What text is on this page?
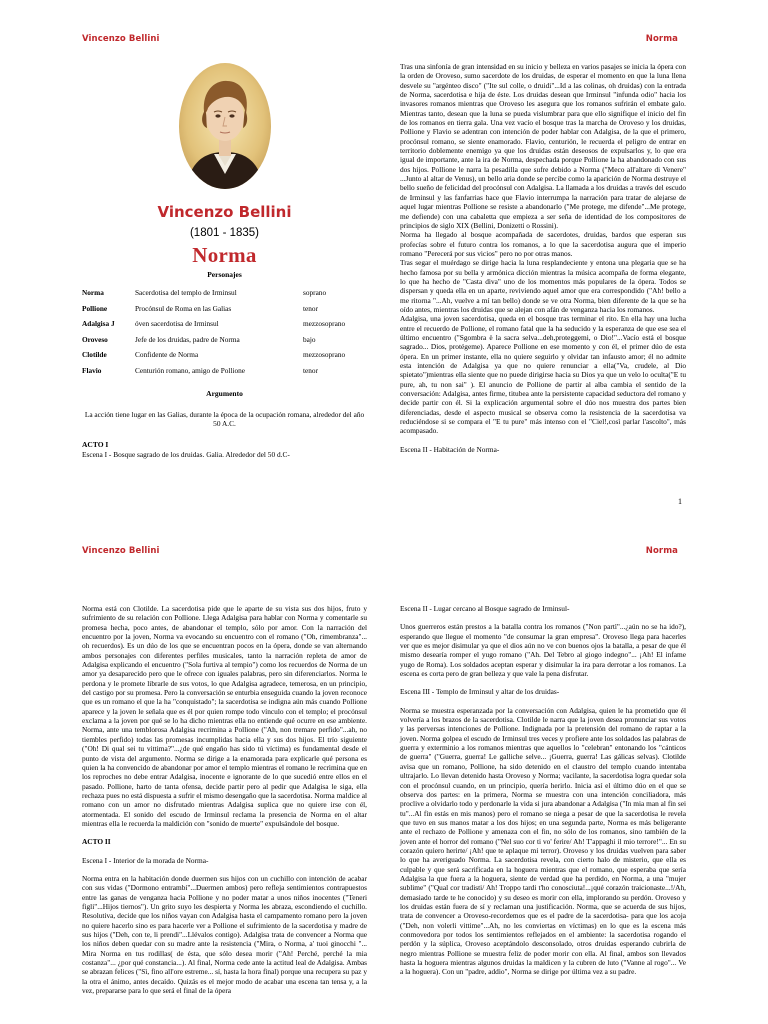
Vincenzo Bellini	Norma
Vincenzo Bellini
(1801 - 1835)
Norma
Personajes
Norma	Sacerdotisa del templo de Irminsul	soprano
Pollione	Procónsul de Roma en las Galias	tenor
Adalgisa J	óven sacerdotisa de Irminsul	mezzosoprano
Oroveso	Jefe de los druidas, padre de Norma	bajo
Clotilde	Confidente de Norma	mezzosoprano
Flavio	Centurión romano, amigo de Pollione	tenor
Argumento
La acción tiene lugar en las Galias, durante la época de la ocupación romana, alrededor del año 50 A.C.
ACTO I
Escena I - Bosque sagrado de los druidas. Galia. Alrededor del 50 d.C-

Tras una sinfonía de gran intensidad en su inicio y belleza en varios pasajes se inicia la ópera con la orden de Oroveso, sumo sacerdote de los druidas, de esperar el momento en que la luna llena desvele su "argénteo disco" ("Ite sul colle, o druidi"...Id a las colinas, oh druidas) con la entrada de Norma, sacerdotisa e hija de éste. Los druidas desean que Irminsul "infunda odio" hacia los invasores romanos mientras que Oroveso les asegura que los romanos sufrirán el embate galo. Mientras tanto, desean que la luna se pueda vislumbrar para que ello signifique el inicio del fin de los romanos en tierra gala. Una vez vacío el bosque tras la marcha de Oroveso y los druidas, Pollione y Flavio se adentran con intención de poder hablar con Adalgisa, de la que el primero, procónsul romano, se siente enamorado. Flavio, centurión, le recuerda el peligro de entrar en territorio doblemente enemigo ya que los druidas están deseosos de expulsarlos y, lo que era igual de importante, ante la ira de Norma, despechada porque Pollione la ha abandonado con sus dos hijos. Pollione le narra la pesadilla que sufre debido a Norma ("Meco all'altare di Venere" ...Junto al altar de Venus), un bello aria donde se percibe como la aparición de Norma destruye el bello sueño de felicidad del procónsul con Adalgisa. La llamada a los druidas a través del escudo de Irminsul y las fanfarrias hace que Flavio interrumpa la narración para tratar de alejarse de aquel lugar mientras Pollione se resiste a abandonarlo ("Me protege, me difende"...Me protege, me defiende) con una cabaletta que empieza a ser seña de identidad de los compositores de principios de siglo XIX (Bellini, Donizetti o Rossini).

Norma ha llegado al bosque acompañada de sacerdotes, druidas, bardos que esperan sus profecías sobre el futuro contra los romanos, a lo que la sacerdotisa augura que el imperio romano "Perecerá por sus vicios" pero no por otras manos.

Tras segar el muérdago se dirige hacia la luna resplandeciente y entona una plegaria que se ha hecho famosa por su bella y armónica dicción mientras la música acompaña de forma elegante, lo que ha hecho de "Casta diva" uno de los momentos más populares de la ópera. Todos se dispersan y queda ella en un aparte, reviviendo aquel amor que era correspondido ("Ah! bello a me ritorna "...Ah, vuelve a mí tan bello) donde se ve otra Norma, bien diferente de la que se ha oído antes, mientras los druidas que se alejan con afán de venganza hacia los romanos.

Adalgisa, una joven sacerdotisa, queda en el bosque tras terminar el rito. En ella hay una lucha entre el recuerdo de Pollione, el romano fatal que la ha seducido y la esperanza de que ese sea el último encuentro ("Sgombra è la sacra selva...deh,proteggemi, o Dio!"...Vacío está el bosque sagrado... Dios, protégeme). Aparece Pollione en ese momento y con él, el primer dúo de esta ópera. En un primer instante, ella no quiere seguirlo y olvidar tan infausto amor; él no admite esta intención de Adalgisa ya que no quiere renunciar a ella("Va, crudele, al Dio spietato")mientras ella siente que no puede dirigirse hacia su Dios ya que un velo lo oculta("E tu pure, ah, tu non sai" ). El anuncio de Pollione de partir al alba cambia el sentido de la conversación: Adalgisa, antes firme, titubea ante la persistente capacidad seductora del romano y decide partir con él. Si la explicación argumental sobre el dúo nos muestra dos partes bien diferenciadas, desde el aspecto musical se observa como la resistencia de la sacerdotisa va reduciéndose si se compara el "E tu pure" más intenso con el "Ciel!,così parlar l'ascolto", más acompasado.

Escena II - Habitación de Norma-
1
Vincenzo Bellini	Norma

Norma está con Clotilde. La sacerdotisa pide que le aparte de su vista sus dos hijos, fruto y sufrimiento de su relación con Pollione. Llega Adalgisa para hablar con Norma y comentarle su promesa hecha, poco antes, de abandonar el templo, sólo por amor. Con la narración del encuentro por la joven, Norma va evocando su encuentro con el romano ("Oh, rimembranza"... oh recuerdos). Es un dúo de los que se encuentran pocos en la ópera, donde se van alternando ambos personajes con diferentes perfiles musicales, tanto la narración repleta de amor de Adalgisa explicando el encuentro ("Sola furtiva al tempio") como los recuerdos de Norma de un amor ya desaparecido pero que le ofrece con iguales palabras, pero sin diferenciarlos. Norma le perdona y le promete librarle de sus votos, lo que Adalgisa agradece, temerosa, en un principio, del castigo por su promesa. Pero la conversación se enturbia enseguida cuando la joven reconoce que es un romano el que la ha "conquistado"; la sacerdotisa se indigna aún más cuando Pollione aparece y la joven le señala que es él por quien rompe todo vínculo con el templo; el procónsul exclama a la joven por qué se lo ha dicho mientras ella no entiende qué ocurre en ese ambiente. Norma, ante una temblorosa Adalgisa recrimina a Pollione ("Ah, non tremare perfido"...ah, no tiembles perfido) todas las promesas incumplidas hacia ella y sus dos hijos. El trío siguiente ("Oh! Di qual sei tu vittima?"...¿de qué engaño has sido tú víctima) es fundamental desde el punto de vista del argumento. Norma se dirige a la enamorada para explicarle qué persona es quien la ha convencido de abandonar por amor el templo mientras el romano le recrimina que en los reproches no debe entrar Adalgisa, inocente e ignorante de lo que sucedió entre ellos en el pasado. Pollione, harto de tanta ofensa, decide partir pero al pedir que Adalgisa le siga, ella rechaza pues no está dispuesta a sufrir el mismo desengaño que la sacerdotisa. Norma maldice al romano con un amor no disfrutado mientras Adalgisa suplica que no quiere irse con él, atormentada. El sonido del escudo de Irminsul reclama la presencia de Norma en el altar mientras ella le recuerda la maldición con "sonido de muerte" expulsándole del bosque.

ACTO II
Escena I - Interior de la morada de Norma-

Norma entra en la habitación donde duermen sus hijos con un cuchillo con intención de acabar con sus vidas ("Dormono entrambi"...Duermen ambos) pero refleja sentimientos contrapuestos entre las ganas de venganza hacia Pollione y no poder matar a unos niños inocentes ("Teneri figli"...Hijos tiernos"). Un grito suyo les despierta y Norma les abraza, escondiendo el cuchillo. Resolutiva, decide que los niños vayan con Adalgisa hasta el campamento romano pero la joven no quiere hacerlo sino es para hacerle ver a Pollione el sufrimiento de la sacerdotisa y madre de sus hijos ("Deh, con te, li prendi"...Llévalos contigo). Adalgisa trata de convencer a Norma que los niños deben quedar con su madre ante la resistencia ("Mira, o Norma, a' tuoi ginocchi "... Mira Norma en tus rodillas( de ésta, que sólo desea morir ("Ah! Perché, perché la mia costanza"... ¿por qué constancia...). Al final, Norma cede ante la actitud leal de Adalgisa. Ambas se abrazan felices ("Sì, fino all'ore estreme... sí, hasta la hora final) porque una recupera su paz y la otra el ánimo, antes decaído. Quizás es el mejor modo de acabar una escena tan tensa y, a la vez, prepararse para lo que será el final de la ópera

Escena II - Lugar cercano al Bosque sagrado de Irminsul-

Unos guerreros están prestos a la batalla contra los romanos ("Non partì"...¿aún no se ha ido?), esperando que llegue el momento "de consumar la gran empresa". Oroveso llega para hacerles ver que es mejor disimular ya que el dios aún no ve con buenos ojos la batalla, a pesar de que él mismo desearía romper el yugo romano ("Ah. Del Tebro al giogo indegno"... ¡Ah! El infame yugo de Roma). Los soldados aceptan esperar y disimular la ira para derrotar a los romanos. La escena es corta pero de gran belleza y que vale la pena disfrutar.

Escena III - Templo de Irminsul y altar de los druidas-

Norma se muestra esperanzada por la conversación con Adalgisa, quien le ha prometido que él volvería a los brazos de la sacerdotisa. Clotilde le narra que la joven desea pronunciar sus votos y las perversas intenciones de Pollione. Indignada por la pretensión del romano de raptar a la joven. Norma golpea el escudo de Irminsul tres veces y profiere ante los soldados las palabras de guerra y exterminio a los romanos mientras que aquellos lo "celebran" entonando los "cánticos de guerra" ("Guerra, guerra! Le galliche selve... ¡Guerra, guerra! Las gálicas selvas). Clotilde avisa que un romano, Pollione, ha sido detenido en el claustro del templo cuando intentaba ultrajarlo. Lo llevan detenido hasta Oroveso y Norma; vacilante, la sacerdotisa logra quedar sola con el procónsul cuando, en un principio, quería herirlo. Inicia así el último dúo en el que se observa dos partes: en la primera, Norma se muestra con una intención conciliadora, más proclive a olvidarlo todo y perdonarle la vida si jura abandonar a Adalgisa ("In mia man al fin sei tu"...Al fin estás en mis manos) pero el romano se niega a pesar de que la sacerdotisa le revela que tuvo en sus manos matar a los dos hijos; en una segunda parte, Norma es más beligerante ante el rechazo de Pollione y amenaza con el fin, no sólo de los romanos, sino también de la joven ante el horror del romano ("Nel suo cor ti vo' ferire/ Ah! T'appaghi il mio terrore!"... En su corazón quiero herirte/ ¡Ah! que te aplaque mi terror). Oroveso y los druidas vuelven para saber lo que ha averiguado Norma. La sacerdotisa revela, con cierto halo de misterio, que ella es culpable y que será sacrificada en la hoguera mientras que el romano, que esperaba que sería Adalgisa la que fuera a la hoguera, siente de verdad que ha perdido, en Norma, a una "mujer sublime" ("Qual cor tradisti/ Ah! Troppo tardi t'ho conosciuta!...¡qué corazón traicionaste...!/Ah, demasiado tarde te he conocido) y su deseo es morir con ella, implorando su perdón. Oroveso y los druidas están fuera de sí y reclaman una justificación. Norma, que se acuerda de sus hijos, trata de convencer a Oroveso-recordemos que es el padre de la sacerdotisa- para que los acoja ("Deh, non volerli vittime"...Ah, no les conviertas en víctimas) en lo que es la escena más conmovedora por todos los sentimientos reflejados en el ambiente: la sacerdotisa rogando el perdón y la súplica, Oroveso aceptándolo desconsolado, otros druidas esperando cubrirla de negro mientras Pollione se muestra feliz de poder morir con ella. Al final, ambos son llevados hasta la hoguera mientras algunos druidas la maldicen y la cubren de luto ("Vanne al rogo"... Ve a la hoguera). Con un "padre, addio", Norma se dirige por última vez a su padre.
